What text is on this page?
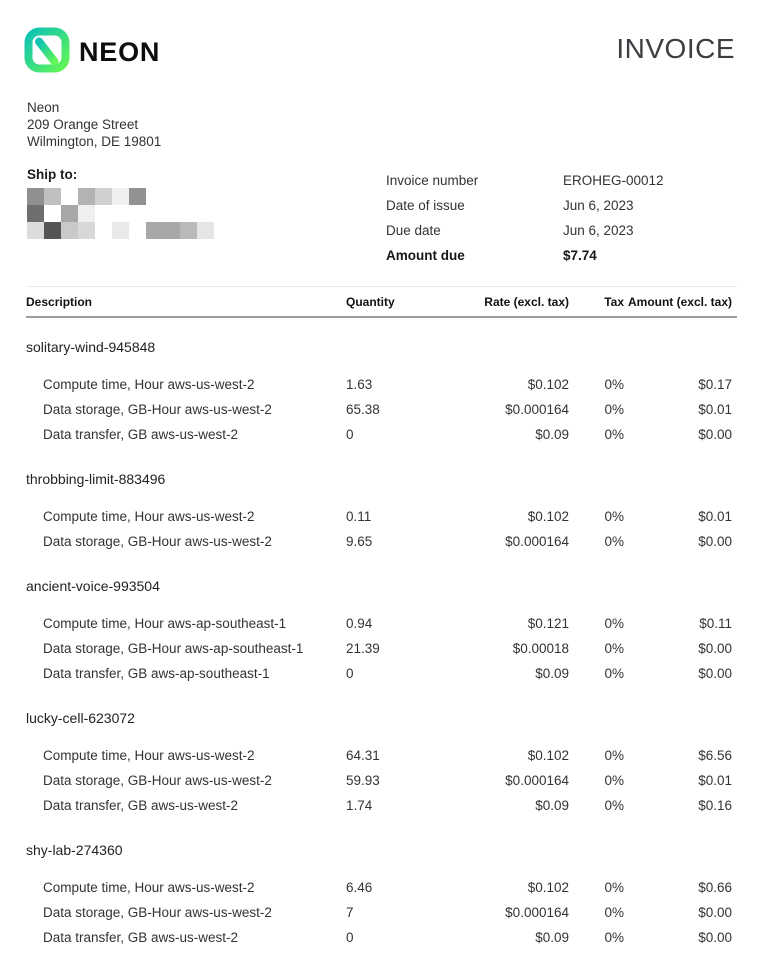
NEON	INVOICE
Neon
209 Orange Street
Wilmington, DE 19801
Ship to:	Invoice number	EROHEG-00012
Date of issue	Jun 6, 2023
Due date	Jun 6, 2023
Amount due	$7.74
Description	Quantity	Rate (excl. tax)	Tax Amount (excl. tax)
solitary-wind-945848
Compute time, Hour aws-us-west-2	1.63	$0.102	0%	$0.17
Data storage, GB-Hour aws-us-west-2	65.38	$0.000164	0%	$0.01
Data transfer, GB aws-us-west-2	0	$0.09	0%	$0.00
throbbing-limit-883496
Compute time, Hour aws-us-west-2	0.11	$0.102	0%	$0.01
Data storage, GB-Hour aws-us-west-2	9.65	$0.000164	0%	$0.00
ancient-voice-993504
Compute time, Hour aws-ap-southeast-1	0.94	$0.121	0%	$0.11
Data storage, GB-Hour aws-ap-southeast-1	21.39	$0.00018	0%	$0.00
Data transfer, GB aws-ap-southeast-1	0	$0.09	0%	$0.00
lucky-cell-623072
Compute time, Hour aws-us-west-2	64.31	$0.102	0%	$6.56
Data storage, GB-Hour aws-us-west-2	59.93	$0.000164	0%	$0.01
Data transfer, GB aws-us-west-2	1.74	$0.09	0%	$0.16
shy-lab-274360
Compute time, Hour aws-us-west-2	6.46	$0.102	0%	$0.66
Data storage, GB-Hour aws-us-west-2	7	$0.000164	0%	$0.00
Data transfer, GB aws-us-west-2	0	$0.09	0%	$0.00
